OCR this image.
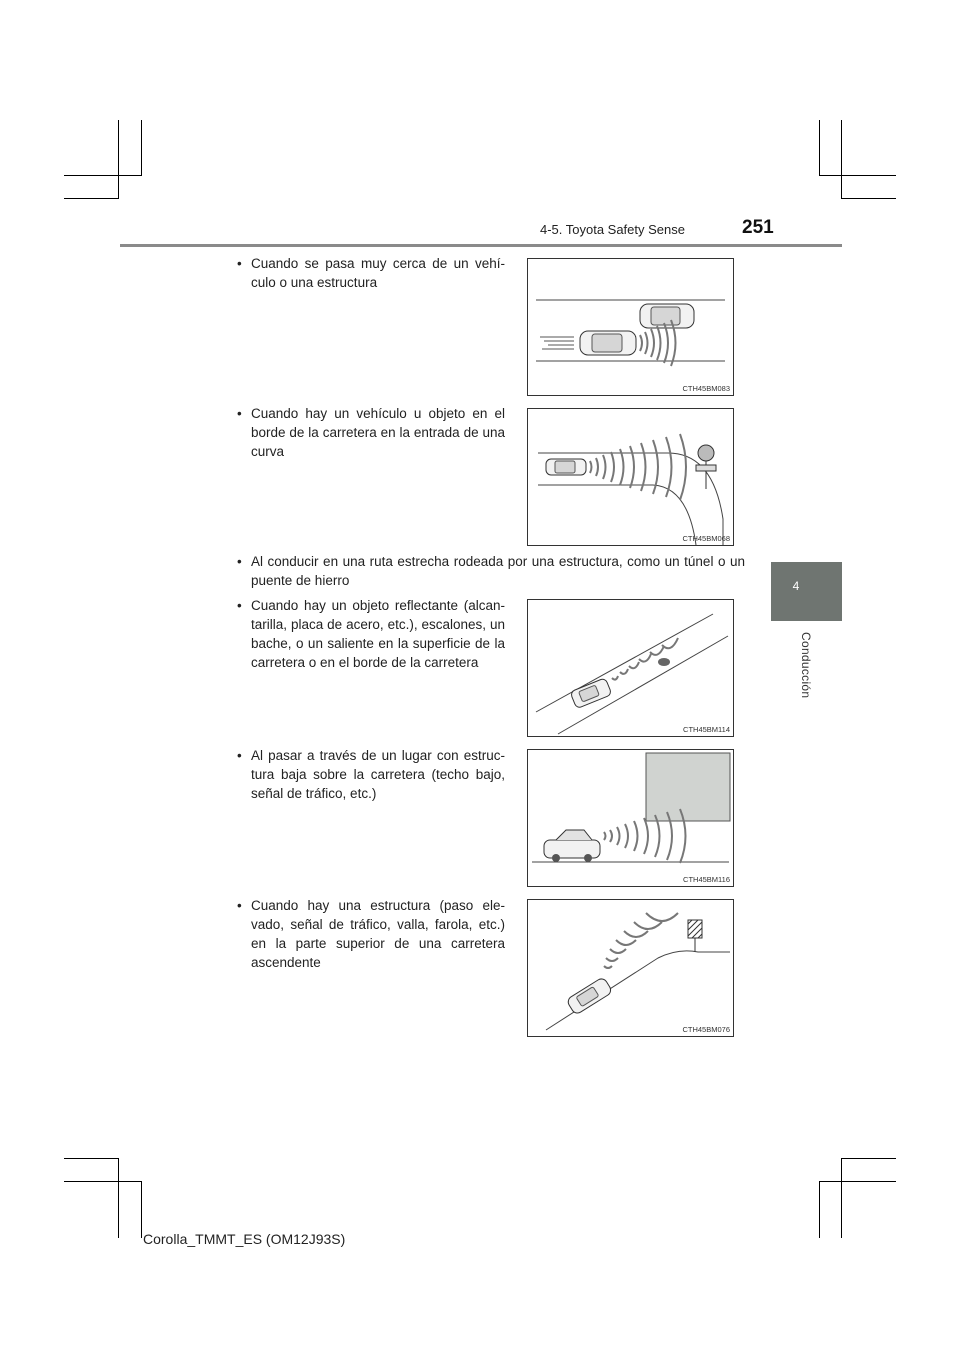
4-5. Toyota Safety Sense	251
4
Conducción
• Cuando se pasa muy cerca de un vehí-culo o una estructura
CTH45BM083
• Cuando hay un vehículo u objeto en el borde de la carretera en la entrada de una curva
CTH45BM068
• Al conducir en una ruta estrecha rodeada por una estructura, como un túnel o un puente de hierro
• Cuando hay un objeto reflectante (alcan-tarilla, placa de acero, etc.), escalones, un bache, o un saliente en la superficie de la carretera o en el borde de la carretera
CTH45BM114
• Al pasar a través de un lugar con estruc-tura baja sobre la carretera (techo bajo, señal de tráfico, etc.)
CTH45BM116
• Cuando hay una estructura (paso ele-vado, señal de tráfico, valla, farola, etc.) en la parte superior de una carretera ascendente
CTH45BM076
Corolla_TMMT_ES (OM12J93S)
